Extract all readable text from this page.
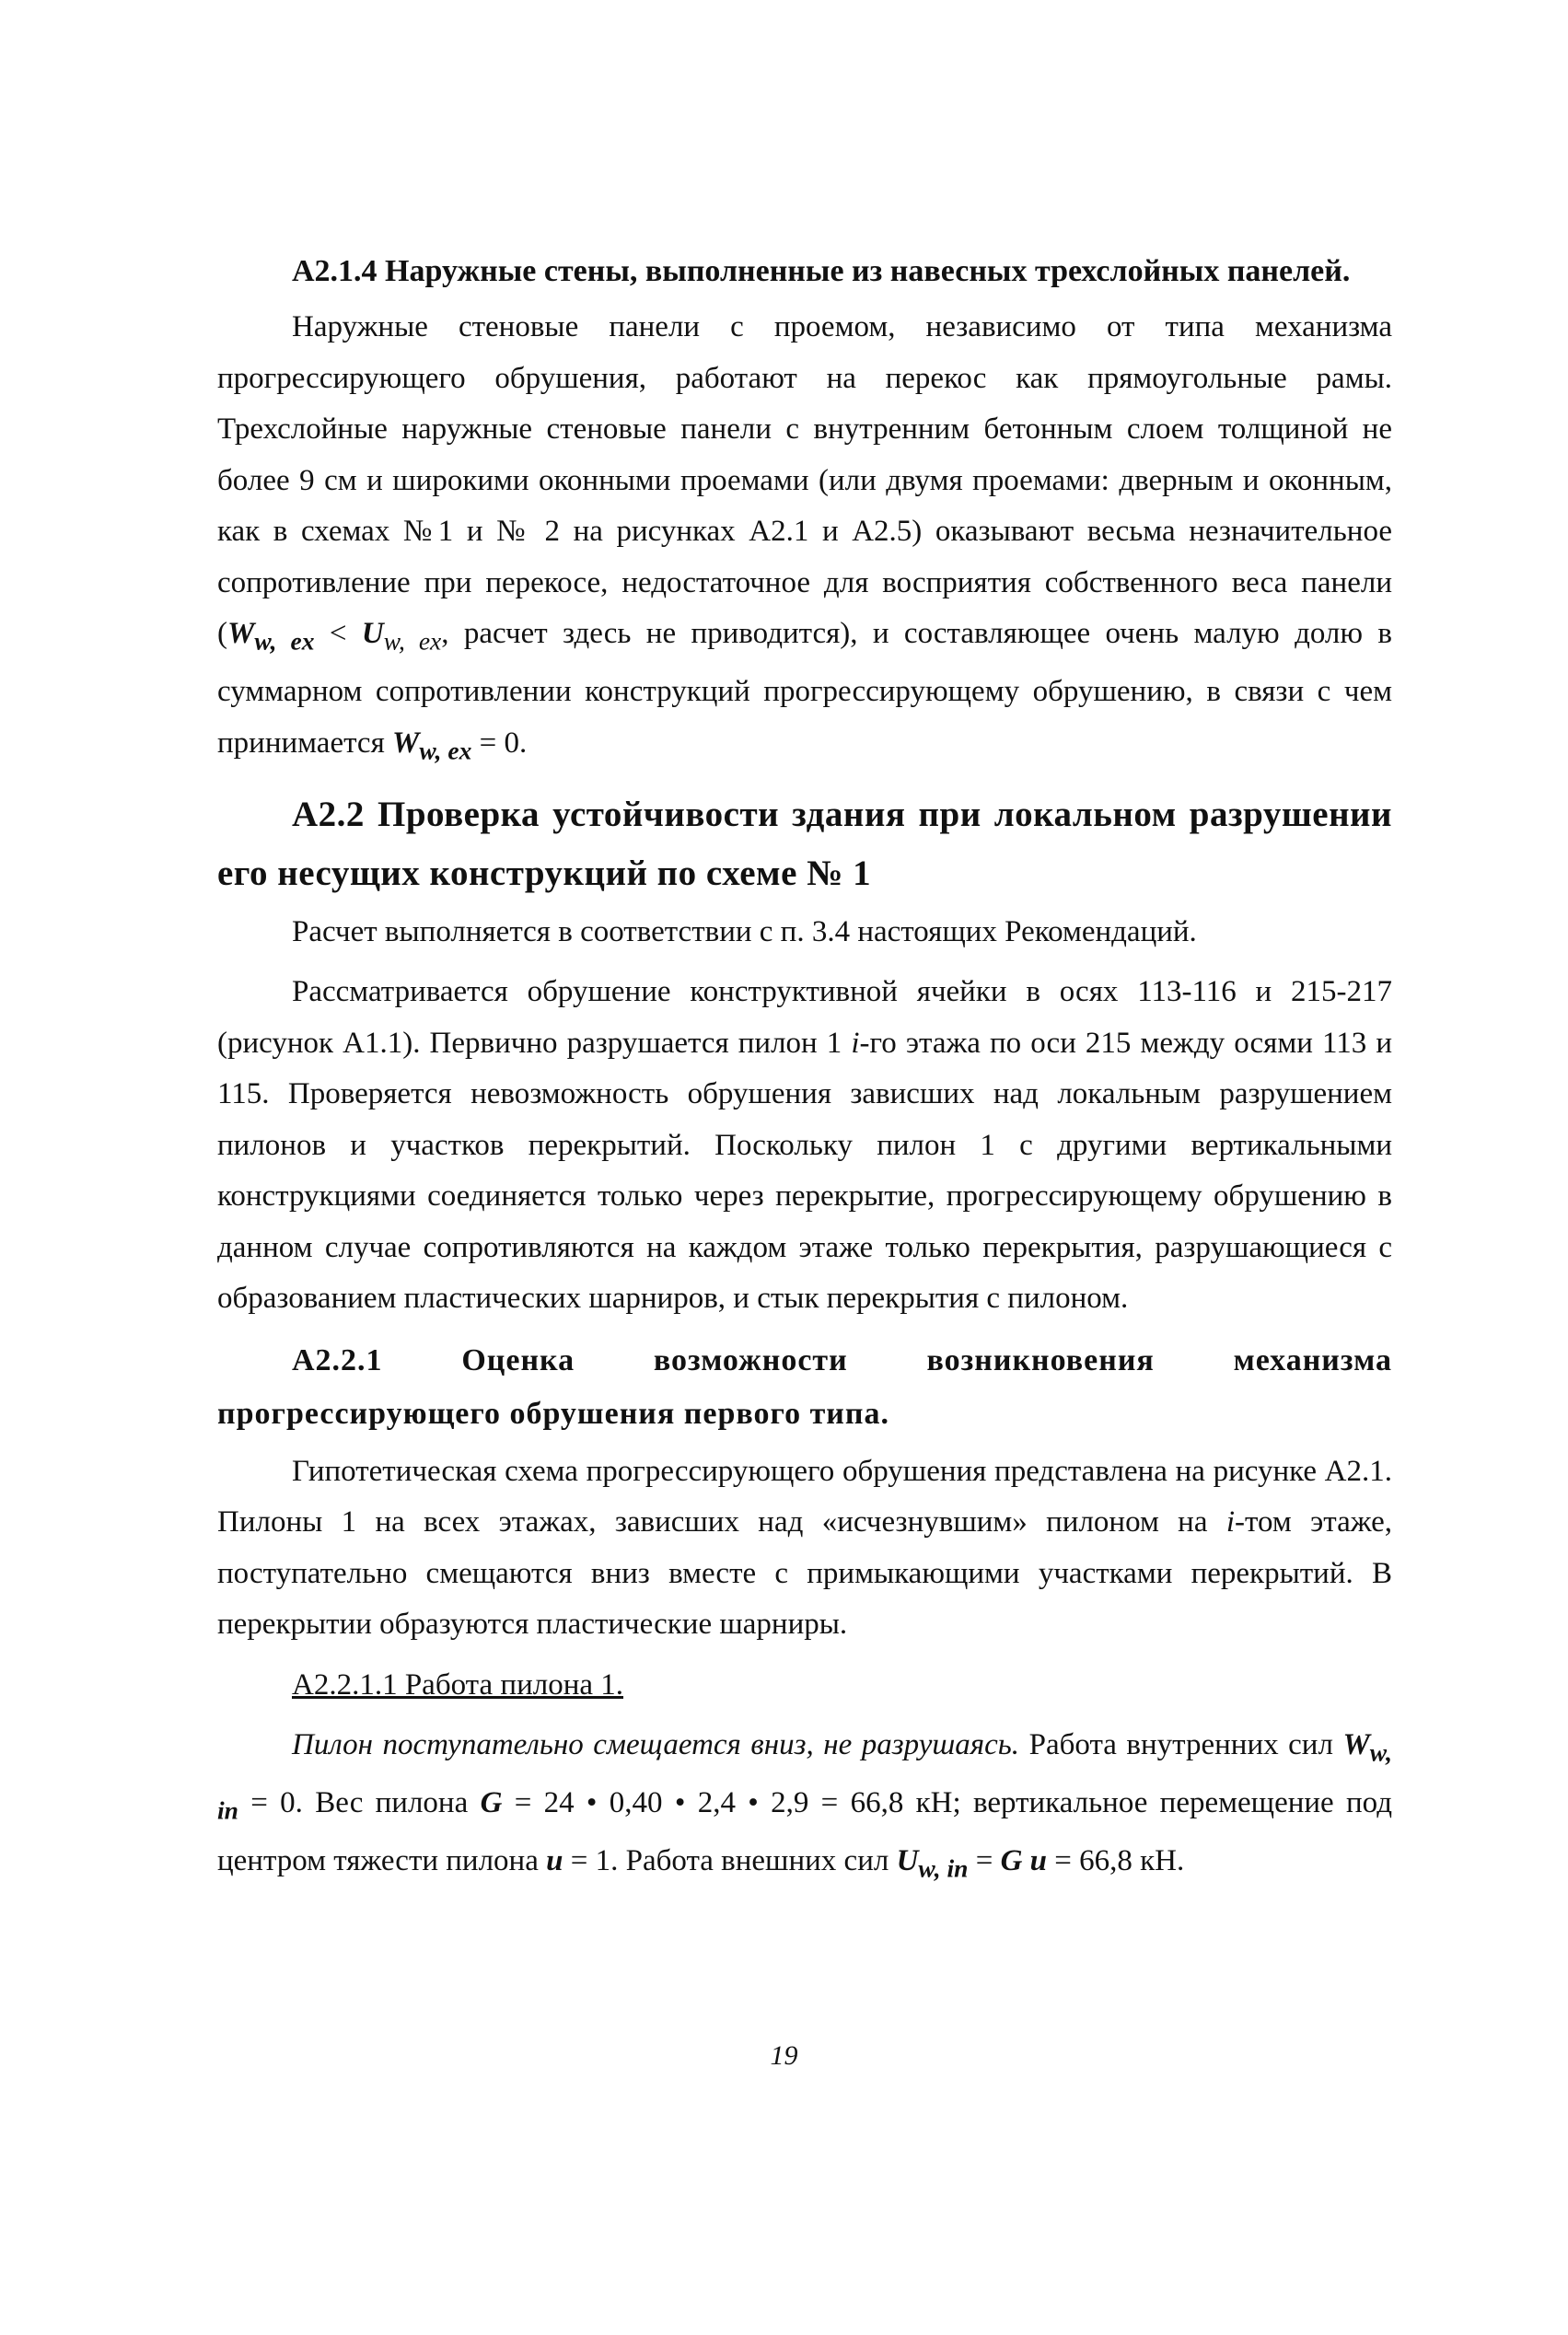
А2.1.4 Наружные стены, выполненные из навесных трехслойных панелей.

Наружные стеновые панели с проемом, независимо от типа механизма прогрессирующего обрушения, работают на перекос как прямоугольные рамы. Трехслойные наружные стеновые панели с внутренним бетонным слоем толщиной не более 9 см и широкими оконными проемами (или двумя проемами: дверным и оконным, как в схемах №1 и № 2 на рисунках А2.1 и А2.5) оказывают весьма незначительное сопротивление при перекосе, недостаточное для восприятия собственного веса панели ($W_{w, ex} < U_{w, ex}$, расчет здесь не приводится), и составляющее очень малую долю в суммарном сопротивлении конструкций прогрессирующему обрушению, в связи с чем принимается $W_{w, ex} = 0$.

А2.2 Проверка устойчивости здания при локальном разрушении его несущих конструкций по схеме № 1

Расчет выполняется в соответствии с п. 3.4 настоящих Рекомендаций.

Рассматривается обрушение конструктивной ячейки в осях 113-116 и 215-217 (рисунок А1.1). Первично разрушается пилон 1 i-го этажа по оси 215 между осями 113 и 115. Проверяется невозможность обрушения зависших над локальным разрушением пилонов и участков перекрытий. Поскольку пилон 1 с другими вертикальными конструкциями соединяется только через перекрытие, прогрессирующему обрушению в данном случае сопротивляются на каждом этаже только перекрытия, разрушающиеся с образованием пластических шарниров, и стык перекрытия с пилоном.

А2.2.1 Оценка возможности возникновения механизма прогрессирующего обрушения первого типа.

Гипотетическая схема прогрессирующего обрушения представлена на рисунке А2.1. Пилоны 1 на всех этажах, зависших над «исчезнувшим» пилоном на i-том этаже, поступательно смещаются вниз вместе с примыкающими участками перекрытий. В перекрытии образуются пластические шарниры.

А2.2.1.1 Работа пилона 1.

Пилон поступательно смещается вниз, не разрушаясь. Работа внутренних сил $W_{w, in} = 0$. Вес пилона G = 24 • 0,40 • 2,4 • 2,9 = 66,8 кН; вертикальное перемещение под центром тяжести пилона u = 1. Работа внешних сил $U_{w, in} = G$ u = 66,8 кН.

19
